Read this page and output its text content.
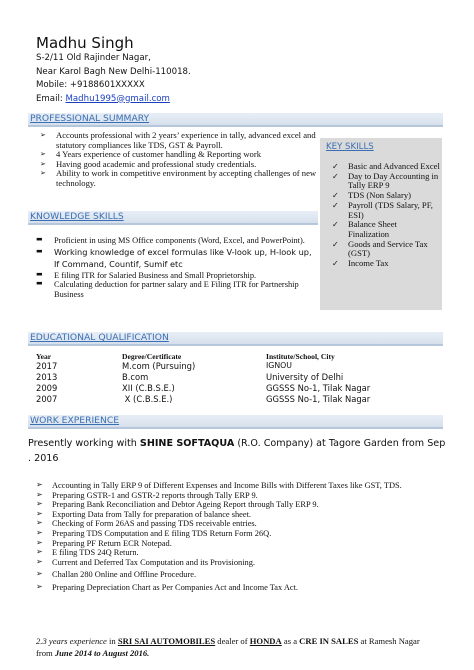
Madhu Singh
S-2/11 Old Rajinder Nagar,
Near Karol Bagh New Delhi-110018.
Mobile: +9188601XXXXX
Email: Madhu1995@gmail.com
PROFESSIONAL SUMMARY
➢ Accounts professional with 2 years’ experience in tally, advanced excel and statutory compliances like TDS, GST & Payroll.
➢ 4 Years experience of customer handling & Reporting work
➢ Having good academic and professional study credentials.
➢ Ability to work in competitive environment by accepting challenges of new technology.
KEY SKILLS
✓ Basic and Advanced Excel
✓ Day to Day Accounting in Tally ERP 9
✓ TDS (Non Salary)
✓ Payroll (TDS Salary, PF, ESI)
✓ Balance Sheet Finalization
✓ Goods and Service Tax (GST)
✓ Income Tax
KNOWLEDGE SKILLS
▬ Proficient in using MS Office components (Word, Excel, and PowerPoint).
▬ Working knowledge of excel formulas like V-look up, H-look up, If Command, Countif, Sumif etc
▬ E filing ITR for Salaried Business and Small Proprietorship.
▬ Calculating deduction for partner salary and E Filing ITR for Partnership Business
EDUCATIONAL QUALIFICATION
Year	Degree/Certificate	Institute/School, City
2017	M.com (Pursuing)	IGNOU
2013	B.com	University of Delhi
2009	XII (C.B.S.E.)	GGSSS No-1, Tilak Nagar
2007	X (C.B.S.E.)	GGSSS No-1, Tilak Nagar
WORK EXPERIENCE
Presently working with SHINE SOFTAQUA (R.O. Company) at Tagore Garden from Sep . 2016
➢ Accounting in Tally ERP 9 of Different Expenses and Income Bills with Different Taxes like GST, TDS.
➢ Preparing GSTR-1 and GSTR-2 reports through Tally ERP 9.
➢ Preparing Bank Reconciliation and Debtor Ageing Report through Tally ERP 9.
➢ Exporting Data from Tally for preparation of balance sheet.
➢ Checking of Form 26AS and passing TDS receivable entries.
➢ Preparing TDS Computation and E filing TDS Return Form 26Q.
➢ Preparing PF Return ECR Notepad.
➢ E filing TDS 24Q Return.
➢ Current and Deferred Tax Computation and its Provisioning.
➢ Challan 280 Online and Offline Procedure.
➢ Preparing Depreciation Chart as Per Companies Act and Income Tax Act.
2.3 years experience in SRI SAI AUTOMOBILES dealer of HONDA as a CRE IN SALES at Ramesh Nagar from June 2014 to August 2016.
